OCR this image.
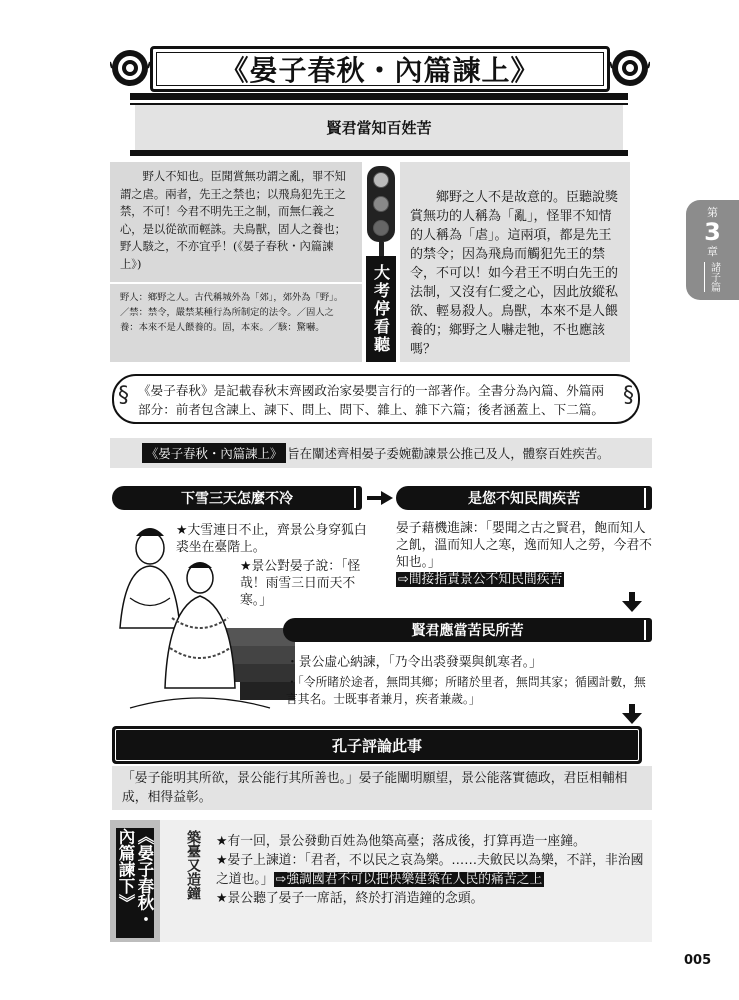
《晏子春秋・內篇諫上》
賢君當知百姓苦

野人不知也。臣聞賞無功謂之亂，罪不知謂之虐。兩者，先王之禁也；以飛鳥犯先王之禁，不可！今君不明先王之制，而無仁義之心，是以從欲而輕誅。夫鳥獸，固人之養也；野人駭之，不亦宜乎！(《晏子春秋・內篇諫上》)

野人：鄉野之人。古代稱城外為「郊」，郊外為「野」。／禁：禁令，嚴禁某種行為所制定的法令。／固人之養：本來不是人餵養的。固，本來。／駭：驚嚇。	大考停看聽

鄉野之人不是故意的。臣聽說獎賞無功的人稱為「亂」，怪罪不知情的人稱為「虐」。這兩項，都是先王的禁令；因為飛鳥而觸犯先王的禁令，不可以！如今君王不明白先王的法制，又沒有仁愛之心，因此放縱私欲、輕易殺人。鳥獸，本來不是人餵養的；鄉野之人嚇走牠，不也應該嗎？

第
3
章
諸子篇
§ 《晏子春秋》是記載春秋末齊國政治家晏嬰言行的一部著作。全書分為內篇、外篇兩部分：前者包含諫上、諫下、問上、問下、雜上、雜下六篇；後者涵蓋上、下二篇。
§
《晏子春秋・內篇諫上》 旨在闡述齊相晏子委婉勸諫景公推己及人，體察百姓疾苦。
下雪三天怎麼不冷	是您不知民間疾苦
★大雪連日不止，齊景公身穿狐白裘坐在臺階上。
★景公對晏子說：「怪哉！雨雪三日而天不寒。」
晏子藉機進諫：「嬰聞之古之賢君，飽而知人之飢，溫而知人之寒，逸而知人之勞，今君不知也。」
⇨間接指責景公不知民間疾苦
賢君應當苦民所苦
・景公虛心納諫，「乃令出裘發粟與飢寒者。」
・「令所睹於途者，無問其鄉；所睹於里者，無問其家；循國計數，無言其名。士既事者兼月，疾者兼歲。」
孔子評論此事
「晏子能明其所欲，景公能行其所善也。」晏子能闡明願望，景公能落實德政，君臣相輔相成，相得益彰。
《晏子春秋・內篇諫下》	築臺又造鐘 ★有一回，景公發動百姓為他築高臺；落成後，打算再造一座鐘。
★晏子上諫道：「君者，不以民之哀為樂。……夫斂民以為樂，不詳，非治國之道也。」 ⇨強調國君不可以把快樂建築在人民的痛苦之上
★景公聽了晏子一席話，終於打消造鐘的念頭。
005
